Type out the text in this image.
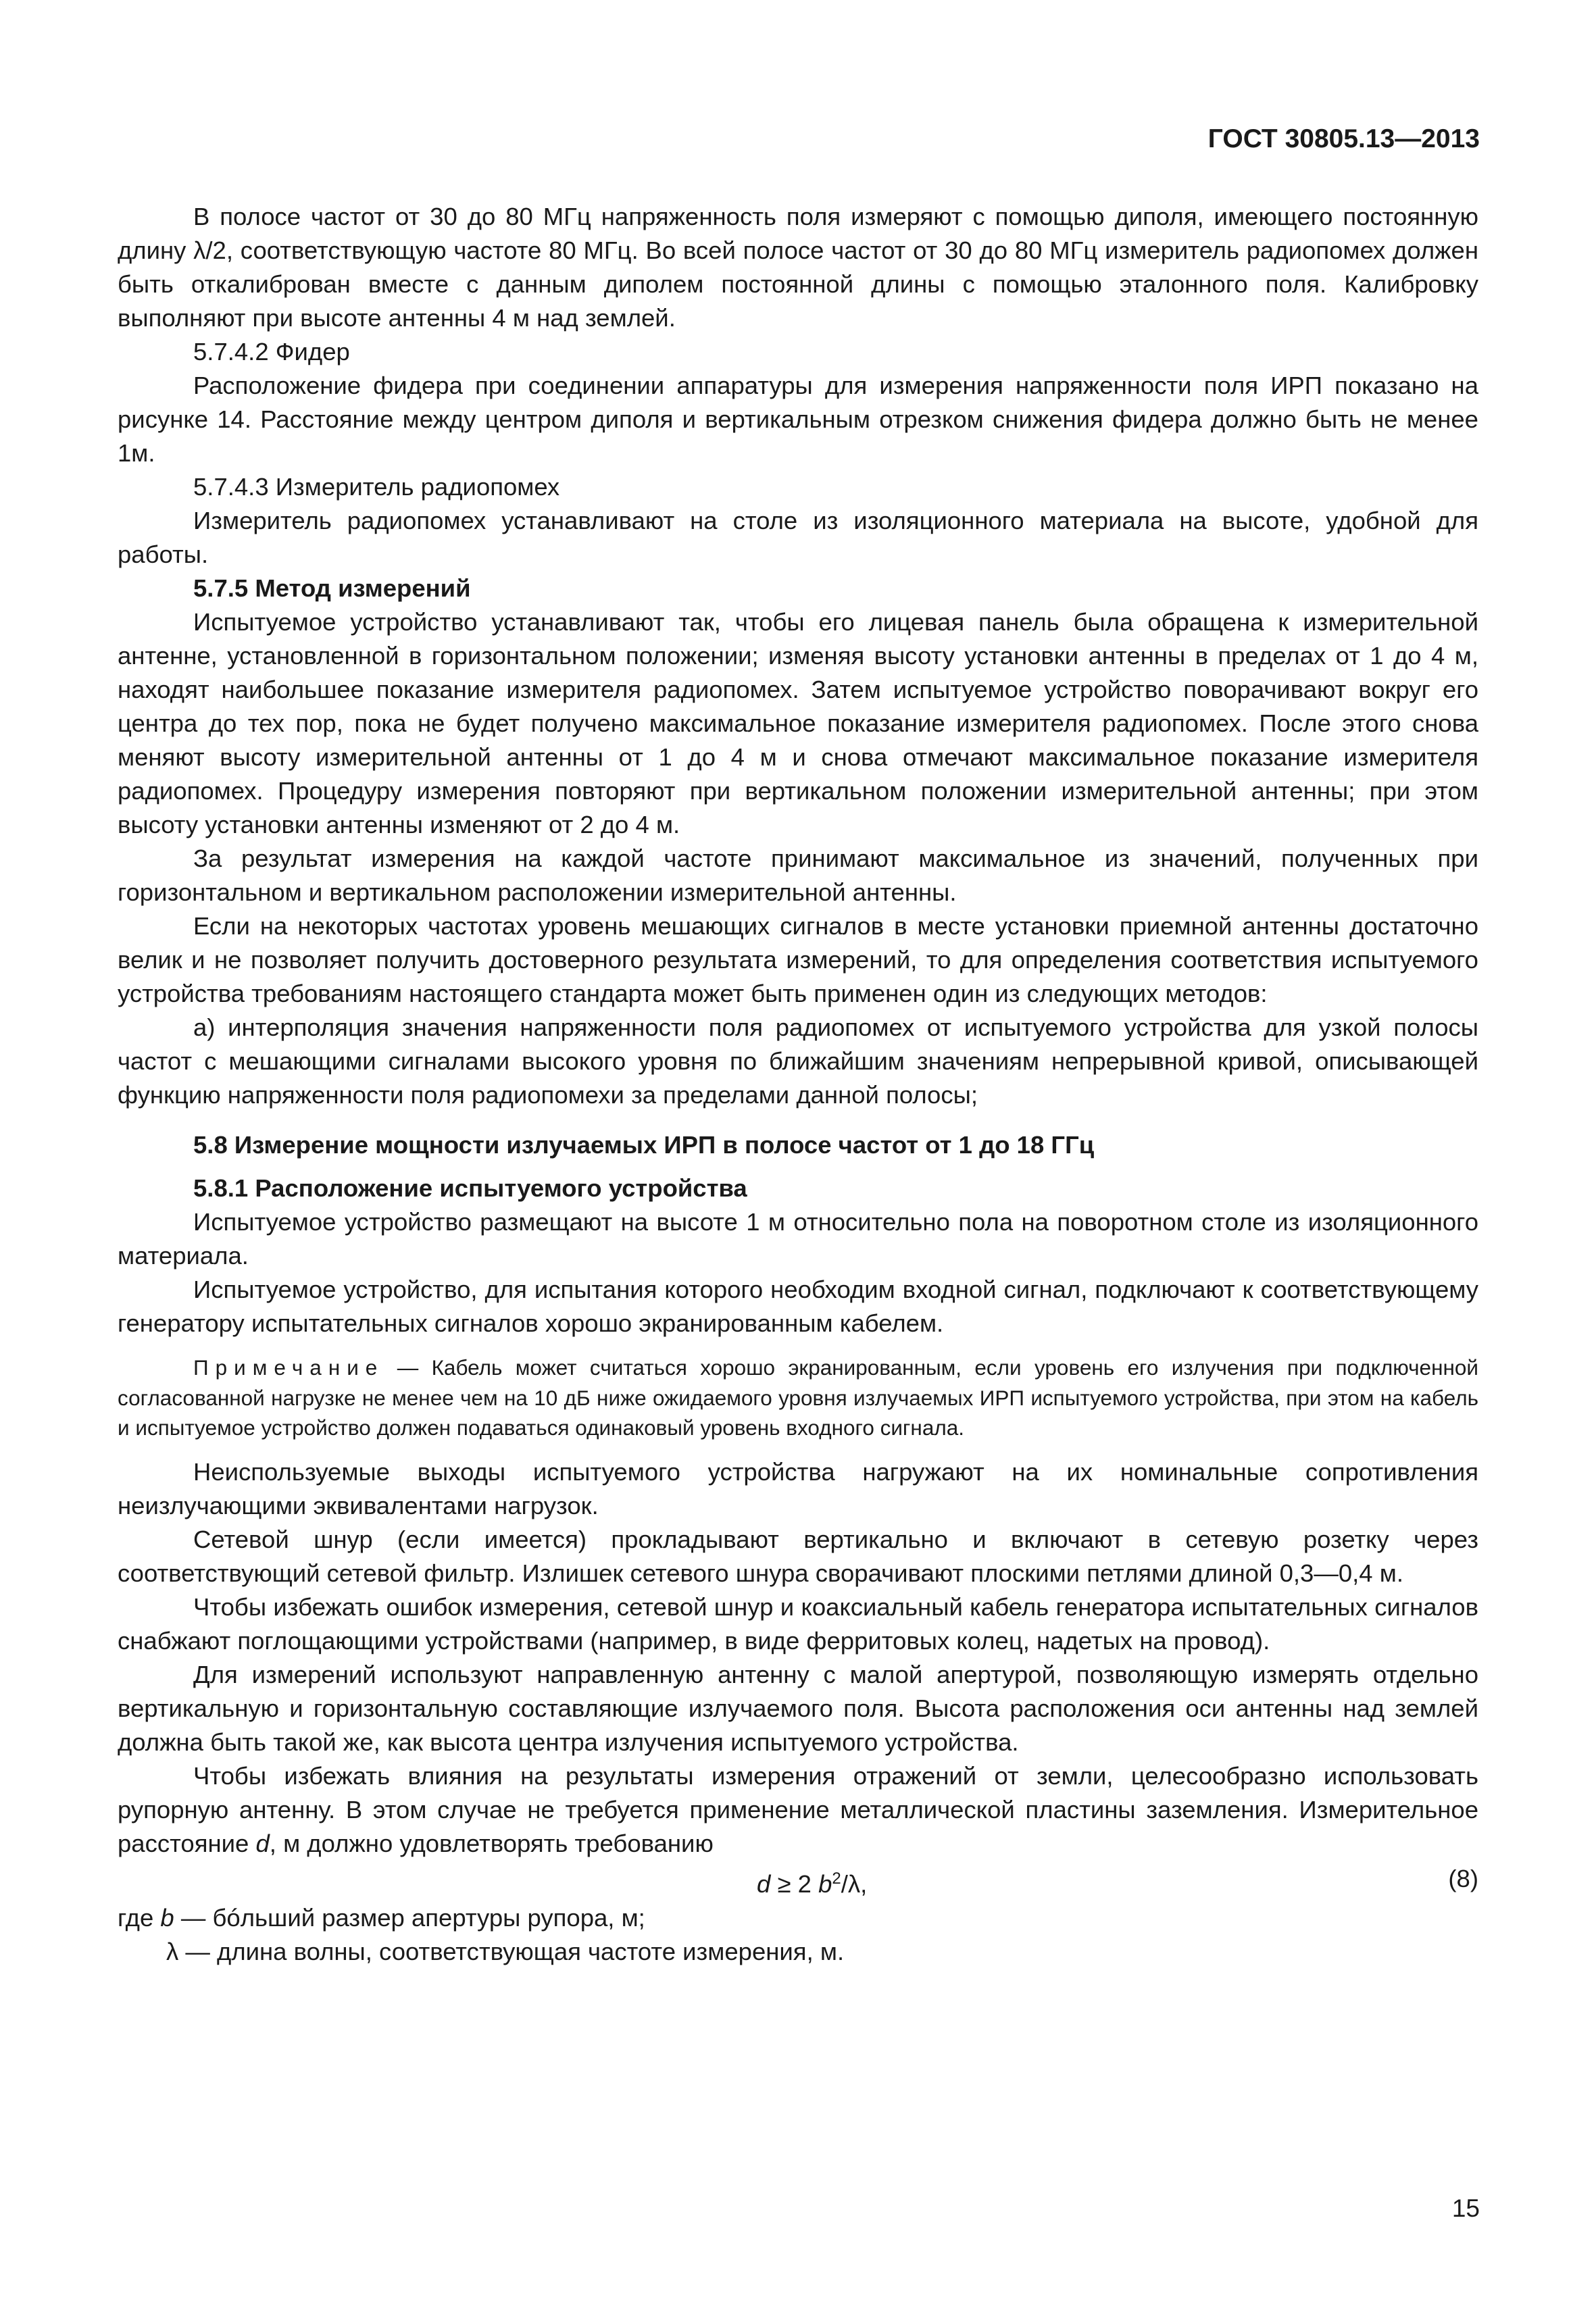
ГОСТ 30805.13—2013

В полосе частот от 30 до 80 МГц напряженность поля измеряют с помощью диполя, имеющего постоянную длину λ/2, соответствующую частоте 80 МГц. Во всей полосе частот от 30 до 80 МГц измеритель радиопомех должен быть откалиброван вместе с данным диполем постоянной длины с помощью эталонного поля. Калибровку выполняют при высоте антенны 4 м над землей.

5.7.4.2 Фидер

Расположение фидера при соединении аппаратуры для измерения напряженности поля ИРП показано на рисунке 14. Расстояние между центром диполя и вертикальным отрезком снижения фидера должно быть не менее 1м.

5.7.4.3 Измеритель радиопомех

Измеритель радиопомех устанавливают на столе из изоляционного материала на высоте, удобной для работы.

5.7.5 Метод измерений

Испытуемое устройство устанавливают так, чтобы его лицевая панель была обращена к измерительной антенне, установленной в горизонтальном положении; изменяя высоту установки антенны в пределах от 1 до 4 м, находят наибольшее показание измерителя радиопомех. Затем испытуемое устройство поворачивают вокруг его центра до тех пор, пока не будет получено максимальное показание измерителя радиопомех. После этого снова меняют высоту измерительной антенны от 1 до 4 м и снова отмечают максимальное показание измерителя радиопомех. Процедуру измерения повторяют при вертикальном положении измерительной антенны; при этом высоту установки антенны изменяют от 2 до 4 м.

За результат измерения на каждой частоте принимают максимальное из значений, полученных при горизонтальном и вертикальном расположении измерительной антенны.

Если на некоторых частотах уровень мешающих сигналов в месте установки приемной антенны достаточно велик и не позволяет получить достоверного результата измерений, то для определения соответствия испытуемого устройства требованиям настоящего стандарта может быть применен один из следующих методов:

а) интерполяция значения напряженности поля радиопомех от испытуемого устройства для узкой полосы частот с мешающими сигналами высокого уровня по ближайшим значениям непрерывной кривой, описывающей функцию напряженности поля радиопомехи за пределами данной полосы;

5.8 Измерение мощности излучаемых ИРП в полосе частот от 1 до 18 ГГц

5.8.1 Расположение испытуемого устройства

Испытуемое устройство размещают на высоте 1 м относительно пола на поворотном столе из изоляционного материала.

Испытуемое устройство, для испытания которого необходим входной сигнал, подключают к соответствующему генератору испытательных сигналов хорошо экранированным кабелем.

Примечание — Кабель может считаться хорошо экранированным, если уровень его излучения при подключенной согласованной нагрузке не менее чем на 10 дБ ниже ожидаемого уровня излучаемых ИРП испытуемого устройства, при этом на кабель и испытуемое устройство должен подаваться одинаковый уровень входного сигнала.

Неиспользуемые выходы испытуемого устройства нагружают на их номинальные сопротивления неизлучающими эквивалентами нагрузок.

Сетевой шнур (если имеется) прокладывают вертикально и включают в сетевую розетку через соответствующий сетевой фильтр. Излишек сетевого шнура сворачивают плоскими петлями длиной 0,3—0,4 м.

Чтобы избежать ошибок измерения, сетевой шнур и коаксиальный кабель генератора испытательных сигналов снабжают поглощающими устройствами (например, в виде ферритовых колец, надетых на провод).

Для измерений используют направленную антенну с малой апертурой, позволяющую измерять отдельно вертикальную и горизонтальную составляющие излучаемого поля. Высота расположения оси антенны над землей должна быть такой же, как высота центра излучения испытуемого устройства.

Чтобы избежать влияния на результаты измерения отражений от земли, целесообразно использовать рупорную антенну. В этом случае не требуется применение металлической пластины заземления. Измерительное расстояние d, м должно удовлетворять требованию

d ≥ 2 $b^2/\lambda$,	(8)

где b — бóльший размер апертуры рупора, м;

λ — длина волны, соответствующая частоте измерения, м.

15
